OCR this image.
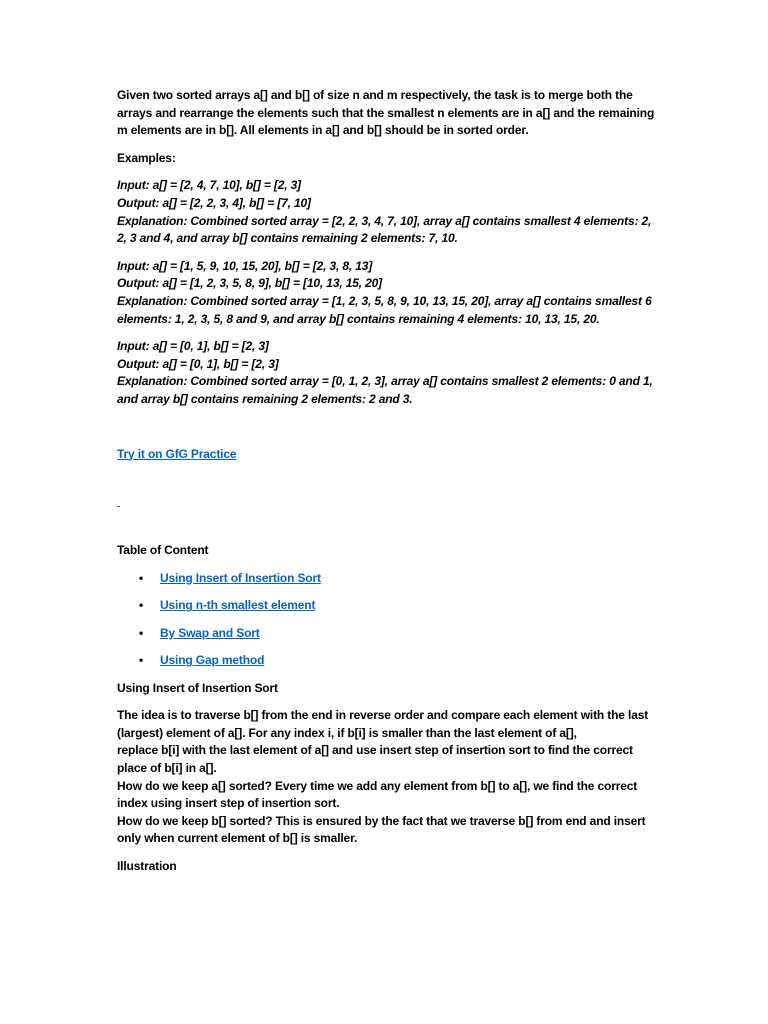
Given two sorted arrays a[] and b[] of size n and m respectively, the task is to merge both the arrays and rearrange the elements such that the smallest n elements are in a[] and the remaining m elements are in b[]. All elements in a[] and b[] should be in sorted order.

Examples:

Input: a[] = [2, 4, 7, 10], b[] = [2, 3]
Output: a[] = [2, 2, 3, 4], b[] = [7, 10]
Explanation: Combined sorted array = [2, 2, 3, 4, 7, 10], array a[] contains smallest 4 elements: 2, 2, 3 and 4, and array b[] contains remaining 2 elements: 7, 10.
Input: a[] = [1, 5, 9, 10, 15, 20], b[] = [2, 3, 8, 13]
Output: a[] = [1, 2, 3, 5, 8, 9], b[] = [10, 13, 15, 20]
Explanation: Combined sorted array = [1, 2, 3, 5, 8, 9, 10, 13, 15, 20], array a[] contains smallest 6 elements: 1, 2, 3, 5, 8 and 9, and array b[] contains remaining 4 elements: 10, 13, 15, 20.
Input: a[] = [0, 1], b[] = [2, 3]
Output: a[] = [0, 1], b[] = [2, 3]
Explanation: Combined sorted array = [0, 1, 2, 3], array a[] contains smallest 2 elements: 0 and 1, and array b[] contains remaining 2 elements: 2 and 3.

Try it on GfG Practice

Table of Content

• Using Insert of Insertion Sort
• Using n-th smallest element
• By Swap and Sort
• Using Gap method

Using Insert of Insertion Sort

The idea is to traverse b[] from the end in reverse order and compare each element with the last (largest) element of a[]. For any index i, if b[i] is smaller than the last element of a[],
replace b[i] with the last element of a[] and use insert step of insertion sort to find the correct place of b[i] in a[].
How do we keep a[] sorted? Every time we add any element from b[] to a[], we find the correct index using insert step of insertion sort.
How do we keep b[] sorted? This is ensured by the fact that we traverse b[] from end and insert only when current element of b[] is smaller.

Illustration
